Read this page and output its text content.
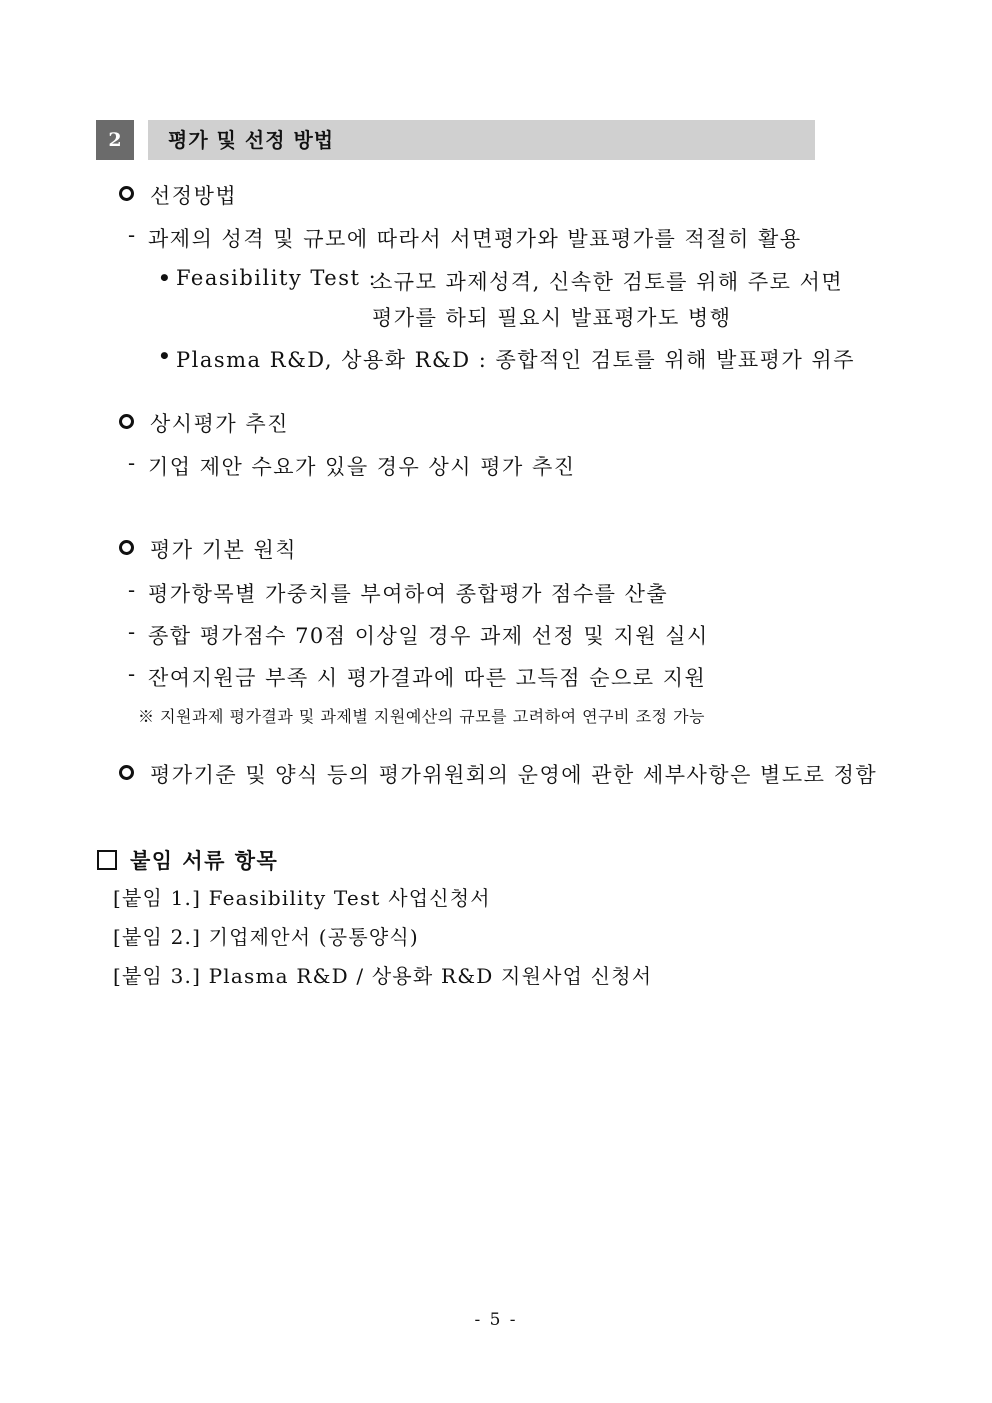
2	평가 및 선정 방법
선정방법
- 과제의 성격 및 규모에 따라서 서면평가와 발표평가를 적절히 활용
• Feasibility Test :
소규모 과제성격, 신속한 검토를 위해 주로 서면
평가를 하되 필요시 발표평가도 병행
• Plasma R&D, 상용화 R&D : 종합적인 검토를 위해 발표평가 위주
상시평가 추진
- 기업 제안 수요가 있을 경우 상시 평가 추진
평가 기본 원칙
- 평가항목별 가중치를 부여하여 종합평가 점수를 산출
- 종합 평가점수 70점 이상일 경우 과제 선정 및 지원 실시
- 잔여지원금 부족 시 평가결과에 따른 고득점 순으로 지원
※ 지원과제 평가결과 및 과제별 지원예산의 규모를 고려하여 연구비 조정 가능
평가기준 및 양식 등의 평가위원회의 운영에 관한 세부사항은 별도로 정함
붙임 서류 항목
[붙임 1.] Feasibility Test 사업신청서
[붙임 2.] 기업제안서 (공통양식)
[붙임 3.] Plasma R&D / 상용화 R&D 지원사업 신청서
- 5 -
